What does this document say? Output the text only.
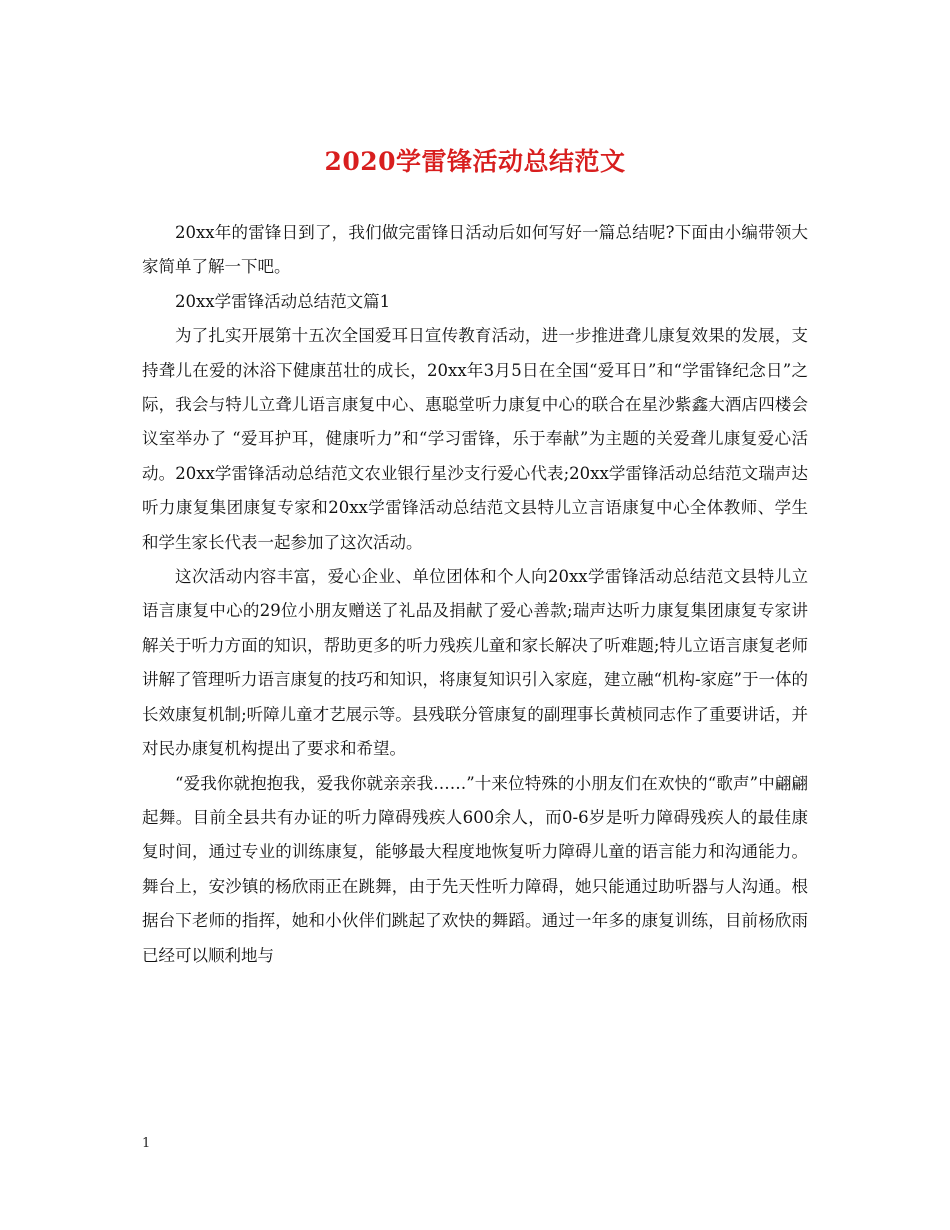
2020学雷锋活动总结范文

20xx年的雷锋日到了，我们做完雷锋日活动后如何写好一篇总结呢?下面由小编带领大家简单了解一下吧。

20xx学雷锋活动总结范文篇1

为了扎实开展第十五次全国爱耳日宣传教育活动，进一步推进聋儿康复效果的发展，支持聋儿在爱的沐浴下健康茁壮的成长，20xx年3月5日在全国“爱耳日”和“学雷锋纪念日”之际，我会与特儿立聋儿语言康复中心、惠聪堂听力康复中心的联合在星沙紫鑫大酒店四楼会议室举办了 “爱耳护耳，健康听力”和“学习雷锋，乐于奉献”为主题的关爱聋儿康复爱心活动。20xx学雷锋活动总结范文农业银行星沙支行爱心代表;20xx学雷锋活动总结范文瑞声达听力康复集团康复专家和20xx学雷锋活动总结范文县特儿立言语康复中心全体教师、学生和学生家长代表一起参加了这次活动。

这次活动内容丰富，爱心企业、单位团体和个人向20xx学雷锋活动总结范文县特儿立语言康复中心的29位小朋友赠送了礼品及捐献了爱心善款;瑞声达听力康复集团康复专家讲解关于听力方面的知识，帮助更多的听力残疾儿童和家长解决了听难题;特儿立语言康复老师讲解了管理听力语言康复的技巧和知识，将康复知识引入家庭，建立融“机构-家庭”于一体的长效康复机制;听障儿童才艺展示等。县残联分管康复的副理事长黄桢同志作了重要讲话，并对民办康复机构提出了要求和希望。

“爱我你就抱抱我，爱我你就亲亲我……”十来位特殊的小朋友们在欢快的“歌声”中翩翩起舞。目前全县共有办证的听力障碍残疾人600余人，而0-6岁是听力障碍残疾人的最佳康复时间，通过专业的训练康复，能够最大程度地恢复听力障碍儿童的语言能力和沟通能力。舞台上，安沙镇的杨欣雨正在跳舞，由于先天性听力障碍，她只能通过助听器与人沟通。根据台下老师的指挥，她和小伙伴们跳起了欢快的舞蹈。通过一年多的康复训练，目前杨欣雨已经可以顺利地与

1
